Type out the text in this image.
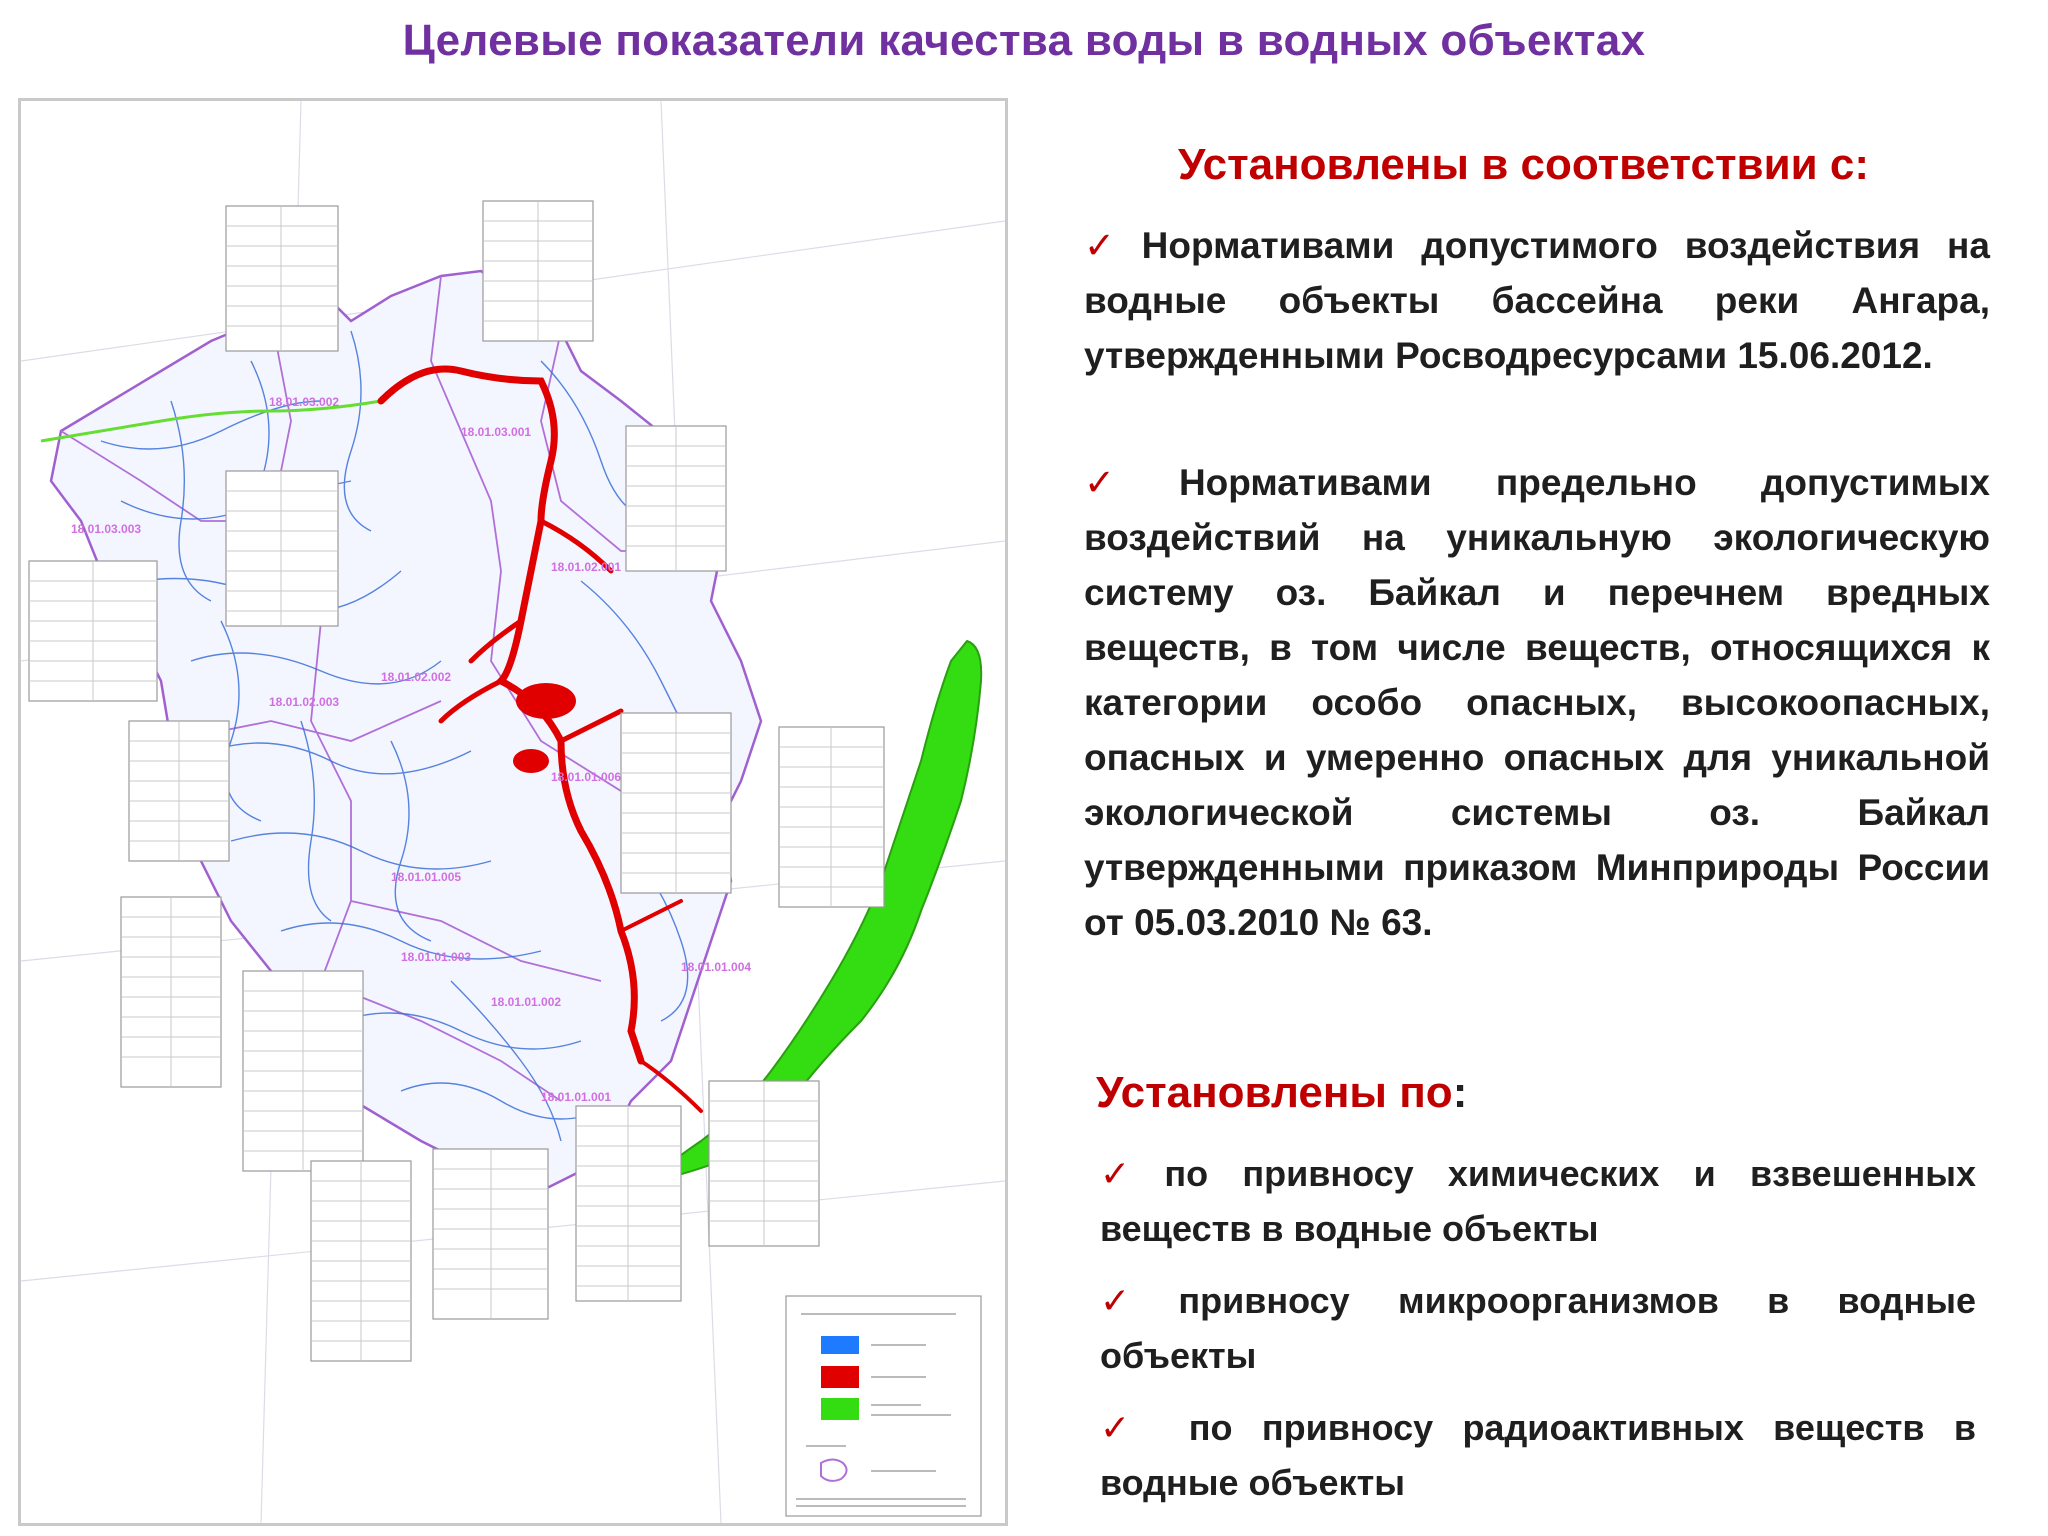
Целевые показатели качества воды в водных объектах
18.01.03.002
18.01.03.001
18.01.03.003
18.01.02.001
18.01.02.002
18.01.01.006
18.01.02.003
18.01.01.005
18.01.01.004
18.01.01.003
18.01.01.002
18.01.01.001
Установлены в соответствии с:
✓ Нормативами допустимого воздействия на водные объекты бассейна реки Ангара, утвержденными Росводресурсами 15.06.2012.
✓ Нормативами предельно допустимых воздействий на уникальную экологическую систему оз. Байкал и перечнем вредных веществ, в том числе веществ, относящихся к категории особо опасных, высокоопасных, опасных и умеренно опасных для уникальной экологической системы оз. Байкал утвержденными приказом Минприроды России от 05.03.2010 № 63.
Установлены по:
✓ по привносу химических и взвешенных веществ в водные объекты
✓ привносу микроорганизмов в водные объекты
✓ по привносу радиоактивных веществ в водные объекты
